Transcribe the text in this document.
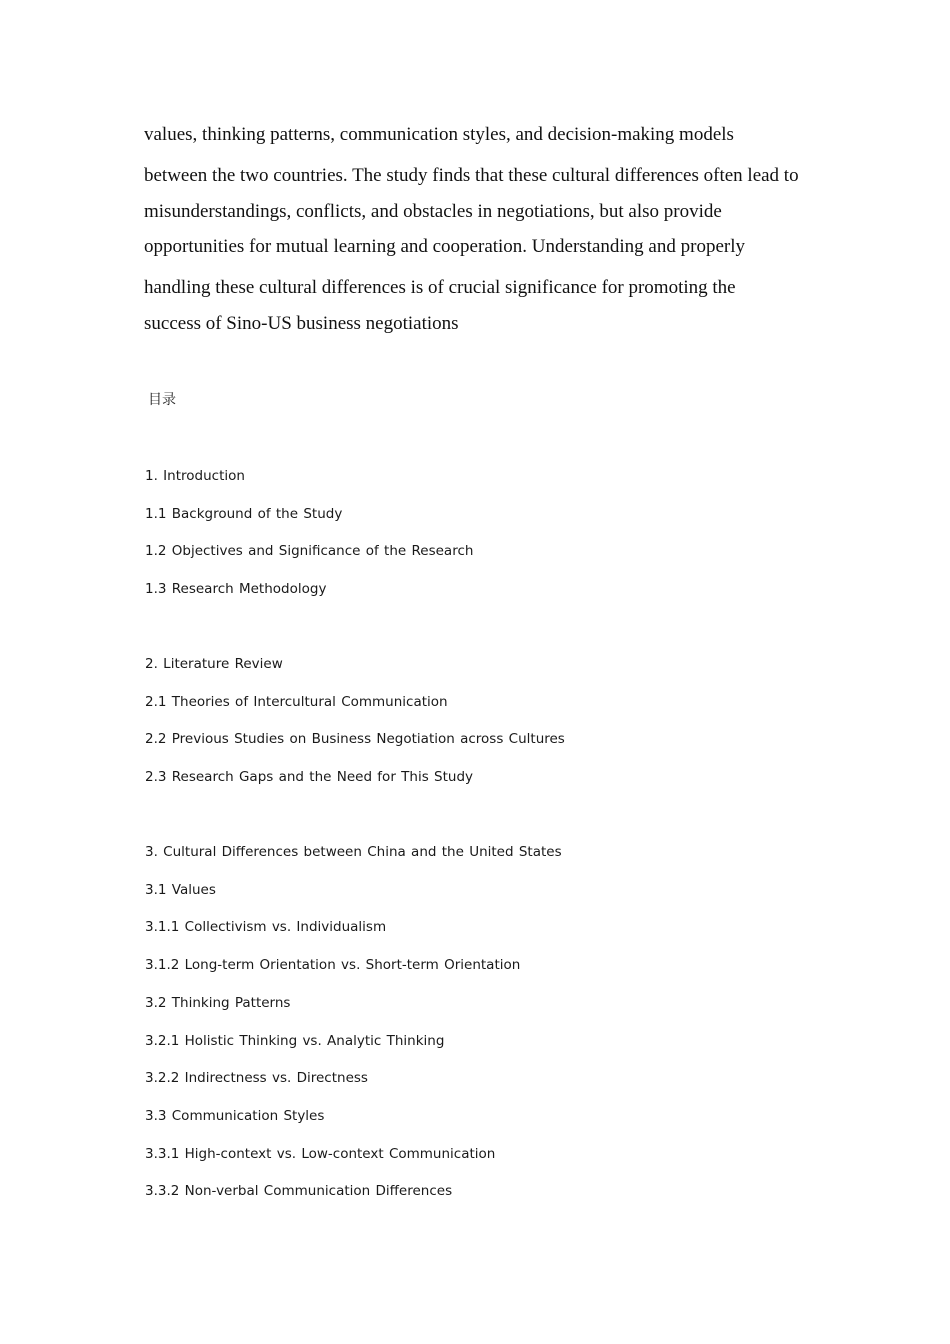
values, thinking patterns, communication styles, and decision-making models
between the two countries. The study finds that these cultural differences often lead to
misunderstandings, conflicts, and obstacles in negotiations, but also provide
opportunities for mutual learning and cooperation. Understanding and properly
handling these cultural differences is of crucial significance for promoting the
success of Sino-US business negotiations
目录
1. Introduction
1.1 Background of the Study
1.2 Objectives and Significance of the Research
1.3 Research Methodology
2. Literature Review
2.1 Theories of Intercultural Communication
2.2 Previous Studies on Business Negotiation across Cultures
2.3 Research Gaps and the Need for This Study
3. Cultural Differences between China and the United States
3.1 Values
3.1.1 Collectivism vs. Individualism
3.1.2 Long-term Orientation vs. Short-term Orientation
3.2 Thinking Patterns
3.2.1 Holistic Thinking vs. Analytic Thinking
3.2.2 Indirectness vs. Directness
3.3 Communication Styles
3.3.1 High-context vs. Low-context Communication
3.3.2 Non-verbal Communication Differences
